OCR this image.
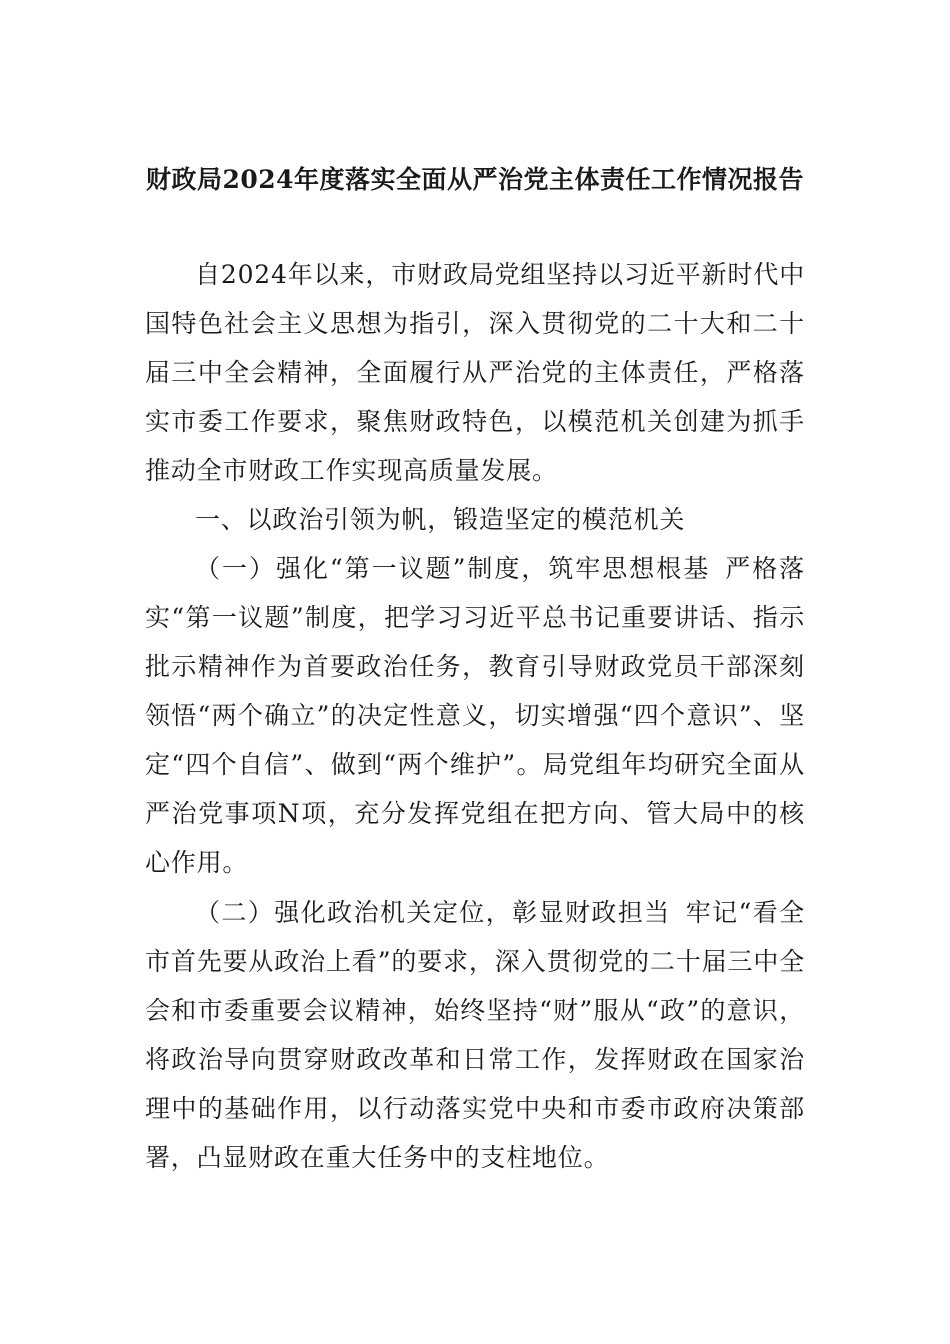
财政局2024年度落实全面从严治党主体责任工作情况报告

自2024年以来，市财政局党组坚持以习近平新时代中国特色社会主义思想为指引，深入贯彻党的二十大和二十届三中全会精神，全面履行从严治党的主体责任，严格落实市委工作要求，聚焦财政特色，以模范机关创建为抓手推动全市财政工作实现高质量发展。

一、以政治引领为帆，锻造坚定的模范机关

（一）强化“第一议题”制度，筑牢思想根基 严格落实“第一议题”制度，把学习习近平总书记重要讲话、指示批示精神作为首要政治任务，教育引导财政党员干部深刻领悟“两个确立”的决定性意义，切实增强“四个意识”、坚定“四个自信”、做到“两个维护”。局党组年均研究全面从严治党事项N项，充分发挥党组在把方向、管大局中的核心作用。

（二）强化政治机关定位，彰显财政担当 牢记“看全市首先要从政治上看”的要求，深入贯彻党的二十届三中全会和市委重要会议精神，始终坚持“财”服从“政”的意识，将政治导向贯穿财政改革和日常工作，发挥财政在国家治理中的基础作用，以行动落实党中央和市委市政府决策部署，凸显财政在重大任务中的支柱地位。
